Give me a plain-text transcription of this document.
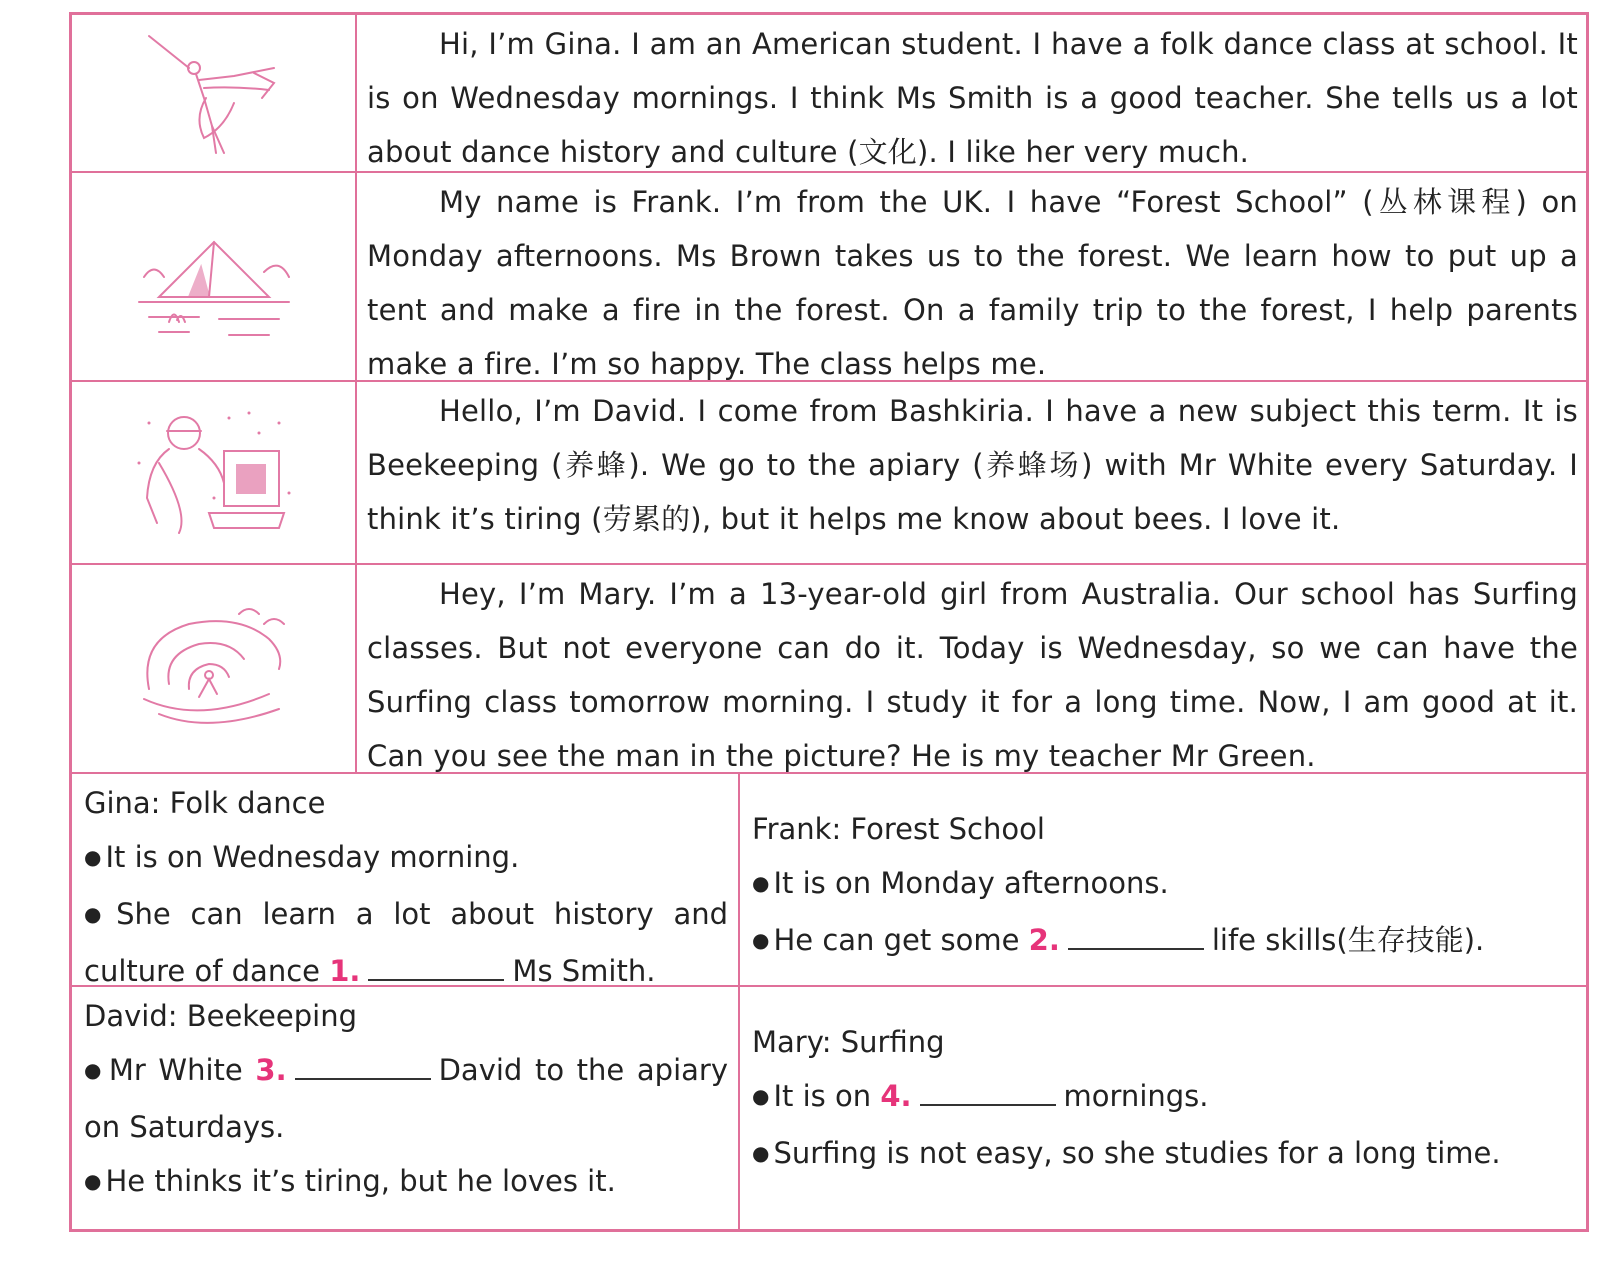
Hi, I’m Gina. I am an American student. I have a folk dance class at school. It is on Wednesday mornings. I think Ms Smith is a good teacher. She tells us a lot about dance history and culture (文化). I like her very much.
My name is Frank. I’m from the UK. I have “Forest School” (丛林课程) on Monday afternoons. Ms Brown takes us to the forest. We learn how to put up a tent and make a fire in the forest. On a family trip to the forest, I help parents make a fire. I’m so happy. The class helps me.
Hello, I’m David. I come from Bashkiria. I have a new subject this term. It is Beekeeping (养蜂). We go to the apiary (养蜂场) with Mr White every Saturday. I think it’s tiring (劳累的), but it helps me know about bees. I love it.
Hey, I’m Mary. I’m a 13-year-old girl from Australia. Our school has Surfing classes. But not everyone can do it. Today is Wednesday, so we can have the Surfing class tomorrow morning. I study it for a long time. Now, I am good at it. Can you see the man in the picture? He is my teacher Mr Green.
Gina: Folk dance
● It is on Wednesday morning.
● She can learn a lot about history and culture of dance 1.	Ms Smith.
Frank: Forest School
● It is on Monday afternoons.
● He can get some 2.	life skills(生存技能).
David: Beekeeping
● Mr White 3.	David to the apiary on Saturdays.
● He thinks it’s tiring, but he loves it.
Mary: Surfing
● It is on 4.	mornings.
● Surfing is not easy, so she studies for a long time.
